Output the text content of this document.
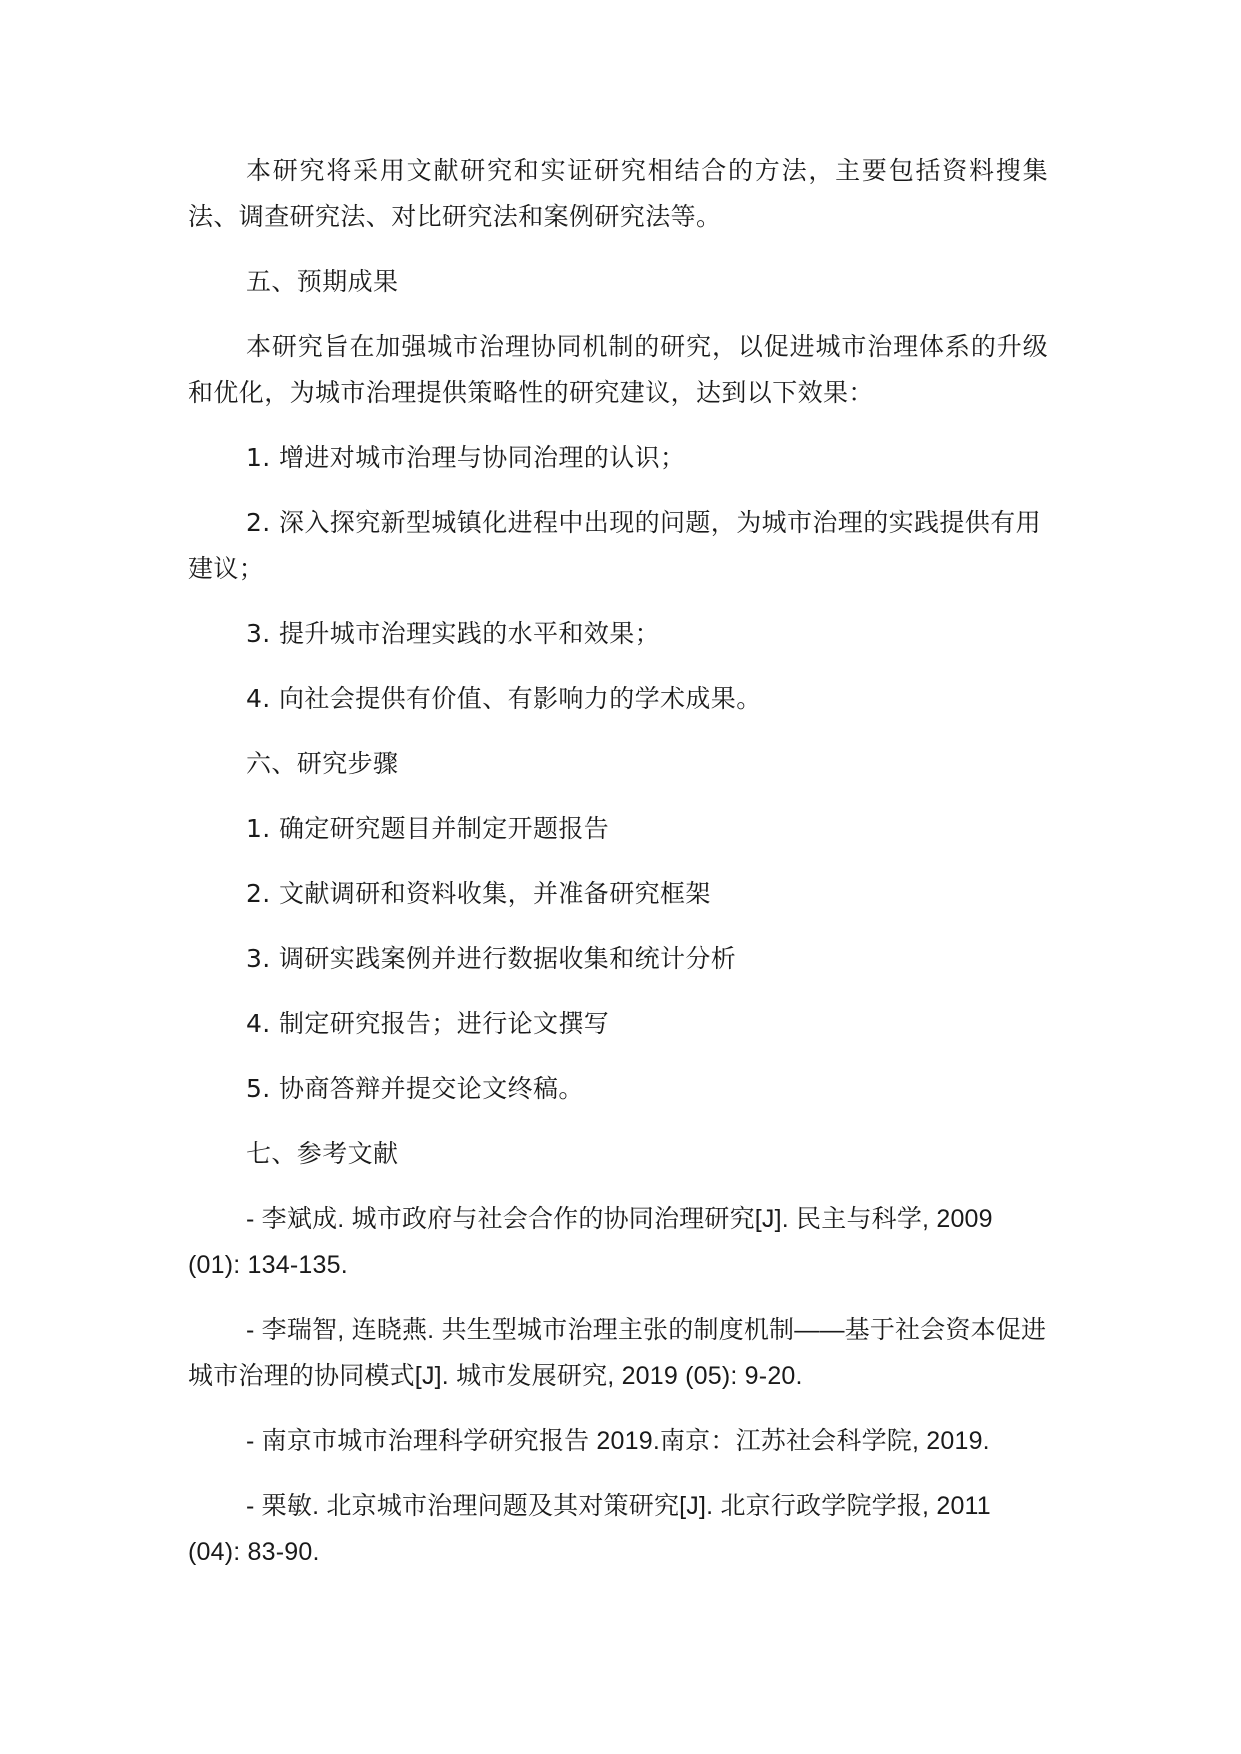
本研究将采用文献研究和实证研究相结合的方法，主要包括资料搜集法、调查研究法、对比研究法和案例研究法等。

五、预期成果

本研究旨在加强城市治理协同机制的研究，以促进城市治理体系的升级和优化，为城市治理提供策略性的研究建议，达到以下效果：

1. 增进对城市治理与协同治理的认识；

2. 深入探究新型城镇化进程中出现的问题，为城市治理的实践提供有用建议；

3. 提升城市治理实践的水平和效果；

4. 向社会提供有价值、有影响力的学术成果。

六、研究步骤

1. 确定研究题目并制定开题报告

2. 文献调研和资料收集，并准备研究框架

3. 调研实践案例并进行数据收集和统计分析

4. 制定研究报告；进行论文撰写

5. 协商答辩并提交论文终稿。

七、参考文献

- 李斌成. 城市政府与社会合作的协同治理研究[J]. 民主与科学, 2009 (01): 134-135.

- 李瑞智, 连晓燕. 共生型城市治理主张的制度机制——基于社会资本促进城市治理的协同模式[J]. 城市发展研究, 2019 (05): 9-20.

- 南京市城市治理科学研究报告 2019.南京：江苏社会科学院, 2019.

- 栗敏. 北京城市治理问题及其对策研究[J]. 北京行政学院学报, 2011 (04): 83-90.
